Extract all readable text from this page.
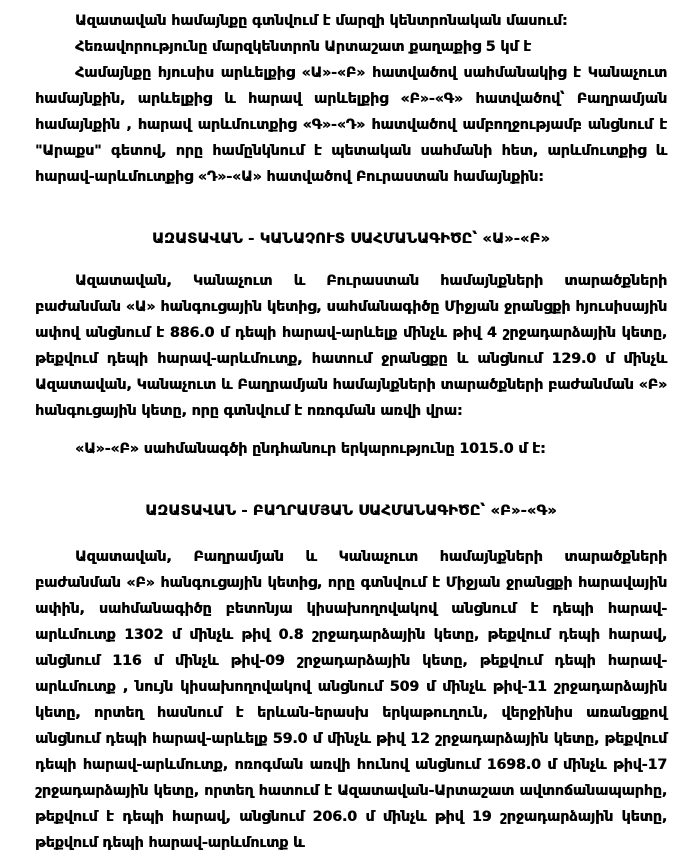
Ազատավան համայնքը գտնվում է մարզի կենտրոնական մասում:

Հեռավորությունը մարզկենտրոն Արտաշատ քաղաքից 5 կմ է

Համայնքը հյուսիս արևելքից «Ա»-«Բ» հատվածով սահմանակից է Կանաչուտ համայնքին, արևելքից և հարավ արևելքից «Բ»-«Գ» հատվածով՝ Բաղրամյան համայնքին , հարավ արևմուտքից «Գ»-«Դ» հատվածով ամբողջությամբ անցնում է "Արաքս" գետով, որը համընկնում է պետական սահմանի հետ, արևմուտքից և հարավ-արևմուտքից «Դ»-«Ա» հատվածով Բուրաստան համայնքին:

ԱԶԱՏԱՎԱՆ - ԿԱՆԱՉՈՒՏ ՍԱՀՄԱՆԱԳԻԾԸ՝ «Ա»-«Բ»

Ազատավան, Կանաչուտ և Բուրաստան համայնքների տարածքների բաժանման «Ա» հանգուցային կետից, սահմանագիծը Միջյան ջրանցքի հյուսիսային ափով անցնում է 886.0 մ դեպի հարավ-արևելք մինչև թիվ 4 շրջադարձային կետը, թեքվում դեպի հարավ-արևմուտք, հատում ջրանցքը և անցնում 129.0 մ մինչև Ազատավան, Կանաչուտ և Բաղրամյան համայնքների տարածքների բաժանման «Բ» հանգուցային կետը, որը գտնվում է ոռոգման առվի վրա:

«Ա»-«Բ» սահմանագծի ընդհանուր երկարությունը 1015.0 մ է:

ԱԶԱՏԱՎԱՆ - ԲԱՂՐԱՄՅԱՆ ՍԱՀՄԱՆԱԳԻԾԸ՝ «Բ»-«Գ»

Ազատավան, Բաղրամյան և Կանաչուտ համայնքների տարածքների բաժանման «Բ» հանգուցային կետից, որը գտնվում է Միջյան ջրանցքի հարավային ափին, սահմանագիծը բետոնյա կիսախողովակով անցնում է դեպի հարավ-արևմուտք 1302 մ մինչև թիվ 0.8 շրջադարձային կետը, թեքվում դեպի հարավ, անցնում 116 մ մինչև թիվ-09 շրջադարձային կետը, թեքվում դեպի հարավ-արևմուտք , նույն կիսախողովակով անցնում 509 մ մինչև թիվ-11 շրջադարձային կետը, որտեղ հասնում է երևան-երասխ երկաթուղուն, վերջինիս առանցքով անցնում դեպի հարավ-արևելք 59.0 մ մինչև թիվ 12 շրջադարձային կետը, թեքվում դեպի հարավ-արևմուտք, ոռոգման առվի հունով անցնում 1698.0 մ մինչև թիվ-17 շրջադարձային կետը, որտեղ հատում է Ազատավան-Արտաշատ ավտոճանապարհը, թեքվում է դեպի հարավ, անցնում 206.0 մ մինչև թիվ 19 շրջադարձային կետը, թեքվում դեպի հարավ-արևմուտք և
